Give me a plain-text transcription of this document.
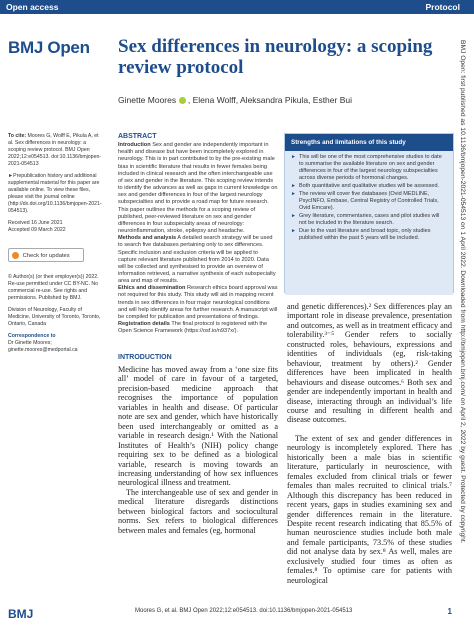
Open access	Protocol
BMJ Open Sex differences in neurology: a scoping review protocol
Ginette Moores , Elena Wolff, Aleksandra Pikula, Esther Bui

To cite: Moores G, Wolff E, Pikula A, et al. Sex differences in neurology: a scoping review protocol. BMJ Open 2022;12:e054513. doi:10.1136/bmjopen-2021-054513

► Prepublication history and additional supplemental material for this paper are available online. To view these files, please visit the journal online (http://dx.doi.org/10.1136/bmjopen-2021-054513).

Received 16 June 2021
Accepted 09 March 2022

Check for updates

© Author(s) (or their employer(s)) 2022. Re-use permitted under CC BY-NC. No commercial re-use. See rights and permissions. Published by BMJ.

Division of Neurology, Faculty of Medicine, University of Toronto, Toronto, Ontario, Canada

Correspondence to
Dr Ginette Moores;
ginette.moores@medportal.ca

ABSTRACT

Introduction Sex and gender are independently important in health and disease but have been incompletely explored in neurology. This is in part contributed to by the pre-existing male bias in scientific literature that results in fewer females being included in clinical research and the often interchangeable use of sex and gender in the literature. This scoping review intends to identify the advances as well as gaps in current knowledge on sex and gender differences in four of the largest neurology subspecialties and to provide a road map for future research. This paper outlines the methods for a scoping review of published, peer-reviewed literature on sex and gender differences in four subspecialty areas of neurology: neuroinflammation, stroke, epilepsy and headache.

Methods and analysis A detailed search strategy will be used to search five databases pertaining only to sex differences. Specific inclusion and exclusion criteria will be applied to capture relevant literature published from 2014 to 2020. Data will be collected and synthesised to provide an overview of information retrieved, a narrative synthesis of each subspecialty area and map of results.

Ethics and dissemination Research ethics board approval was not required for this study. This study will aid in mapping recent trends in sex differences in four major neurological conditions and will help identify areas for further research. A manuscript will be compiled for publication and presentations of findings.

Registration details The final protocol is registered with the Open Science Framework (https://osf.io/n937x/).

Strengths and limitations of this study
► This will be one of the most comprehensive studies to date to summarise the available literature on sex and gender differences in four of the largest neurology subspecialties across diverse periods of hormonal changes.
► Both quantitative and qualitative studies will be assessed.
► The review will cover five databases (Ovid MEDLINE, PsycINFO, Embase, Central Registry of Controlled Trials, Ovid Emcare).
► Grey literature, commentaries, cases and pilot studies will not be included in the literature search.
► Due to the vast literature and broad topic, only studies published within the past 5 years will be included.
INTRODUCTION

Medicine has moved away from a ‘one size fits all’ model of care in favour of a targeted, precision-based medicine approach that recognises the importance of population variables in health and disease. Of particular note are sex and gender, which have historically been used interchangeably or omitted as a variable in research design.¹ With the National Institutes of Health’s (NIH) policy change requiring sex to be defined as a biological variable, research is moving towards an increasing understanding of how sex influences neurological illness and treatment.

The interchangeable use of sex and gender in medical literature disregards distinctions between biological factors and sociocultural norms. Sex refers to biological differences between males and females (eg, hormonal

and genetic differences).² Sex differences play an important role in disease prevalence, presentation and outcomes, as well as in treatment efficacy and tolerability.³⁻⁵ Gender refers to socially constructed roles, behaviours, expressions and identities of individuals (eg, risk-taking behaviour, treatment by others).² Gender differences have been implicated in health behaviours and disease outcomes.⁶ Both sex and gender are independently important in health and disease, interacting through an individual’s life course and resulting in different health and disease outcomes.

The extent of sex and gender differences in neurology is incompletely explored. There has historically been a male bias in scientific literature, particularly in neuroscience, with females excluded from clinical trials or fewer females than males recruited to clinical trials.⁷ Although this discrepancy has been reduced in recent years, gaps in studies examining sex and gender differences remain in the literature. Despite recent research indicating that 85.5% of human neuroscience studies include both male and female participants, 73.5% of these studies did not analyse data by sex.⁸ As well, males are exclusively studied four times as often as females.⁸ To optimise care for patients with neurological

BMJ Open: first published as 10.1136/bmjopen-2021-054513 on 1 April 2022. Downloaded from http://bmjopen.bmj.com/ on April 2, 2022 by guest. Protected by copyright.
BMJ	Moores G, et al. BMJ Open 2022;12:e054513. doi:10.1136/bmjopen-2021-054513	1
